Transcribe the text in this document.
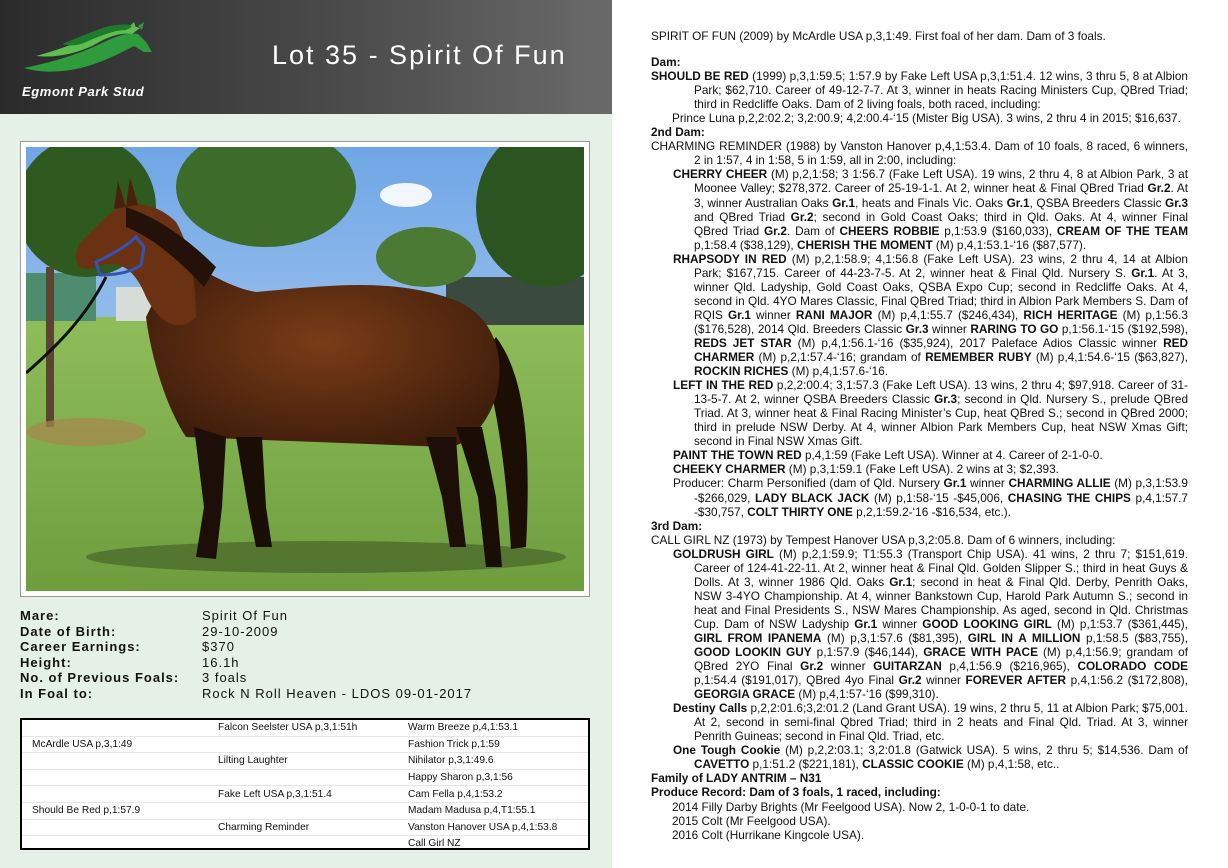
Egmont Park Stud
Lot 35 - Spirit Of Fun
Mare:	Spirit Of Fun
Date of Birth:	29-10-2009
Career Earnings:	$370
Height:	16.1h
No. of Previous Foals: 3 foals
In Foal to:	Rock N Roll Heaven - LDOS 09-01-2017
	Falcon Seelster USA p,3,1:51h	Warm Breeze p,4,1:53.1
McArdle USA p,3,1:49		Fashion Trick p,1:59
	Lilting Laughter	Nihilator p,3,1:49.6
		Happy Sharon p,3,1:56
	Fake Left USA p,3,1:51.4	Cam Fella p,4,1:53.2
Should Be Red p,1:57.9		Madam Madusa p,4,T1:55.1
	Charming Reminder	Vanston Hanover USA p,4,1:53.8
		Call Girl NZ

SPIRIT OF FUN (2009) by McArdle USA p,3,1:49. First foal of her dam. Dam of 3 foals.

Dam:

SHOULD BE RED (1999) p,3,1:59.5; 1:57.9 by Fake Left USA p,3,1:51.4. 12 wins, 3 thru 5, 8 at Albion Park; $62,710. Career of 49-12-7-7. At 3, winner in heats Racing Ministers Cup, QBred Triad; third in Redcliffe Oaks. Dam of 2 living foals, both raced, including:

Prince Luna p,2,2:02.2; 3,2:00.9; 4,2:00.4-‘15 (Mister Big USA). 3 wins, 2 thru 4 in 2015; $16,637.

2nd Dam:

CHARMING REMINDER (1988) by Vanston Hanover p,4,1:53.4. Dam of 10 foals, 8 raced, 6 winners, 2 in 1:57, 4 in 1:58, 5 in 1:59, all in 2:00, including:

CHERRY CHEER (M) p,2,1:58; 3 1:56.7 (Fake Left USA). 19 wins, 2 thru 4, 8 at Albion Park, 3 at Moonee Valley; $278,372. Career of 25-19-1-1. At 2, winner heat & Final QBred Triad Gr.2. At 3, winner Australian Oaks Gr.1, heats and Finals Vic. Oaks Gr.1, QSBA Breeders Classic Gr.3 and QBred Triad Gr.2; second in Gold Coast Oaks; third in Qld. Oaks. At 4, winner Final QBred Triad Gr.2. Dam of CHEERS ROBBIE p,1:53.9 ($160,033), CREAM OF THE TEAM p,1:58.4 ($38,129), CHERISH THE MOMENT (M) p,4,1:53.1-‘16 ($87,577).

RHAPSODY IN RED (M) p,2,1:58.9; 4,1:56.8 (Fake Left USA). 23 wins, 2 thru 4, 14 at Albion Park; $167,715. Career of 44-23-7-5. At 2, winner heat & Final Qld. Nursery S. Gr.1. At 3, winner Qld. Ladyship, Gold Coast Oaks, QSBA Expo Cup; second in Redcliffe Oaks. At 4, second in Qld. 4YO Mares Classic, Final QBred Triad; third in Albion Park Members S. Dam of RQIS Gr.1 winner RANI MAJOR (M) p,4,1:55.7 ($246,434), RICH HERITAGE (M) p,1:56.3 ($176,528), 2014 Qld. Breeders Classic Gr.3 winner RARING TO GO p,1:56.1-‘15 ($192,598), REDS JET STAR (M) p,4,1:56.1-‘16 ($35,924), 2017 Paleface Adios Classic winner RED CHARMER (M) p,2,1:57.4-‘16; grandam of REMEMBER RUBY (M) p,4,1:54.6-‘15 ($63,827), ROCKIN RICHES (M) p,4,1:57.6-‘16.

LEFT IN THE RED p,2,2:00.4; 3,1:57.3 (Fake Left USA). 13 wins, 2 thru 4; $97,918. Career of 31-13-5-7. At 2, winner QSBA Breeders Classic Gr.3; second in Qld. Nursery S., prelude QBred Triad. At 3, winner heat & Final Racing Minister’s Cup, heat QBred S.; second in QBred 2000; third in prelude NSW Derby. At 4, winner Albion Park Members Cup, heat NSW Xmas Gift; second in Final NSW Xmas Gift.

PAINT THE TOWN RED p,4,1:59 (Fake Left USA). Winner at 4. Career of 2-1-0-0.

CHEEKY CHARMER (M) p,3,1:59.1 (Fake Left USA). 2 wins at 3; $2,393.

Producer: Charm Personified (dam of Qld. Nursery Gr.1 winner CHARMING ALLIE (M) p,3,1:53.9 -$266,029, LADY BLACK JACK (M) p,1:58-‘15 -$45,006, CHASING THE CHIPS p,4,1:57.7 -$30,757, COLT THIRTY ONE p,2,1:59.2-‘16 -$16,534, etc.).

3rd Dam:

CALL GIRL NZ (1973) by Tempest Hanover USA p,3,2:05.8. Dam of 6 winners, including:

GOLDRUSH GIRL (M) p,2,1:59.9; T1:55.3 (Transport Chip USA). 41 wins, 2 thru 7; $151,619. Career of 124-41-22-11. At 2, winner heat & Final Qld. Golden Slipper S.; third in heat Guys & Dolls. At 3, winner 1986 Qld. Oaks Gr.1; second in heat & Final Qld. Derby, Penrith Oaks, NSW 3-4YO Championship. At 4, winner Bankstown Cup, Harold Park Autumn S.; second in heat and Final Presidents S., NSW Mares Championship. As aged, second in Qld. Christmas Cup. Dam of NSW Ladyship Gr.1 winner GOOD LOOKING GIRL (M) p,1:53.7 ($361,445), GIRL FROM IPANEMA (M) p,3,1:57.6 ($81,395), GIRL IN A MILLION p,1:58.5 ($83,755), GOOD LOOKIN GUY p,1:57.9 ($46,144), GRACE WITH PACE (M) p,4,1:56.9; grandam of QBred 2YO Final Gr.2 winner GUITARZAN p,4,1:56.9 ($216,965), COLORADO CODE p,1:54.4 ($191,017), QBred 4yo Final Gr.2 winner FOREVER AFTER p,4,1:56.2 ($172,808), GEORGIA GRACE (M) p,4,1:57-‘16 ($99,310).

Destiny Calls p,2,2:01.6;3,2:01.2 (Land Grant USA). 19 wins, 2 thru 5, 11 at Albion Park; $75,001. At 2, second in semi-final Qbred Triad; third in 2 heats and Final Qld. Triad. At 3, winner Penrith Guineas; second in Final Qld. Triad, etc.

One Tough Cookie (M) p,2,2:03.1; 3,2:01.8 (Gatwick USA). 5 wins, 2 thru 5; $14,536. Dam of CAVETTO p,1:51.2 ($221,181), CLASSIC COOKIE (M) p,4,1:58, etc..

Family of LADY ANTRIM – N31

Produce Record: Dam of 3 foals, 1 raced, including:

2014 Filly Darby Brights (Mr Feelgood USA). Now 2, 1-0-0-1 to date.

2015 Colt (Mr Feelgood USA).

2016 Colt (Hurrikane Kingcole USA).
